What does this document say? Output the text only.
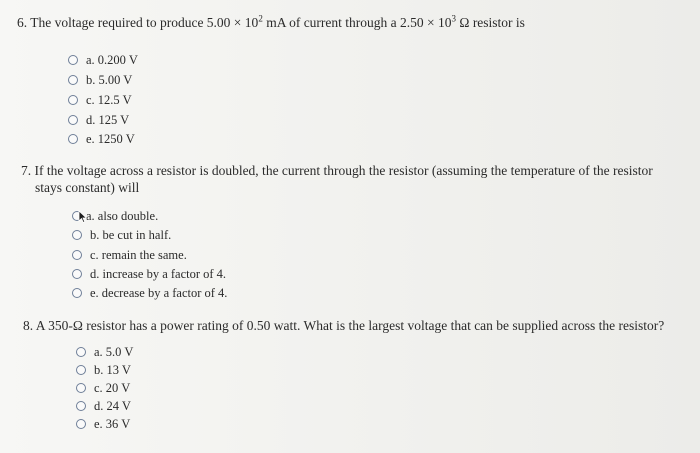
6. The voltage required to produce $5.00 \times 10^2$ mA of current through a $2.50 \times 10^3$ Ω resistor is
a. 0.200 V
b. 5.00 V
c. 12.5 V
d. 125 V
e. 1250 V
7. If the voltage across a resistor is doubled, the current through the resistor (assuming the temperature of the resistor
stays constant) will
a. also double.
b. be cut in half.
c. remain the same.
d. increase by a factor of 4.
e. decrease by a factor of 4.
8. A 350-Ω resistor has a power rating of 0.50 watt. What is the largest voltage that can be supplied across the resistor?
a. 5.0 V
b. 13 V
c. 20 V
d. 24 V
e. 36 V
